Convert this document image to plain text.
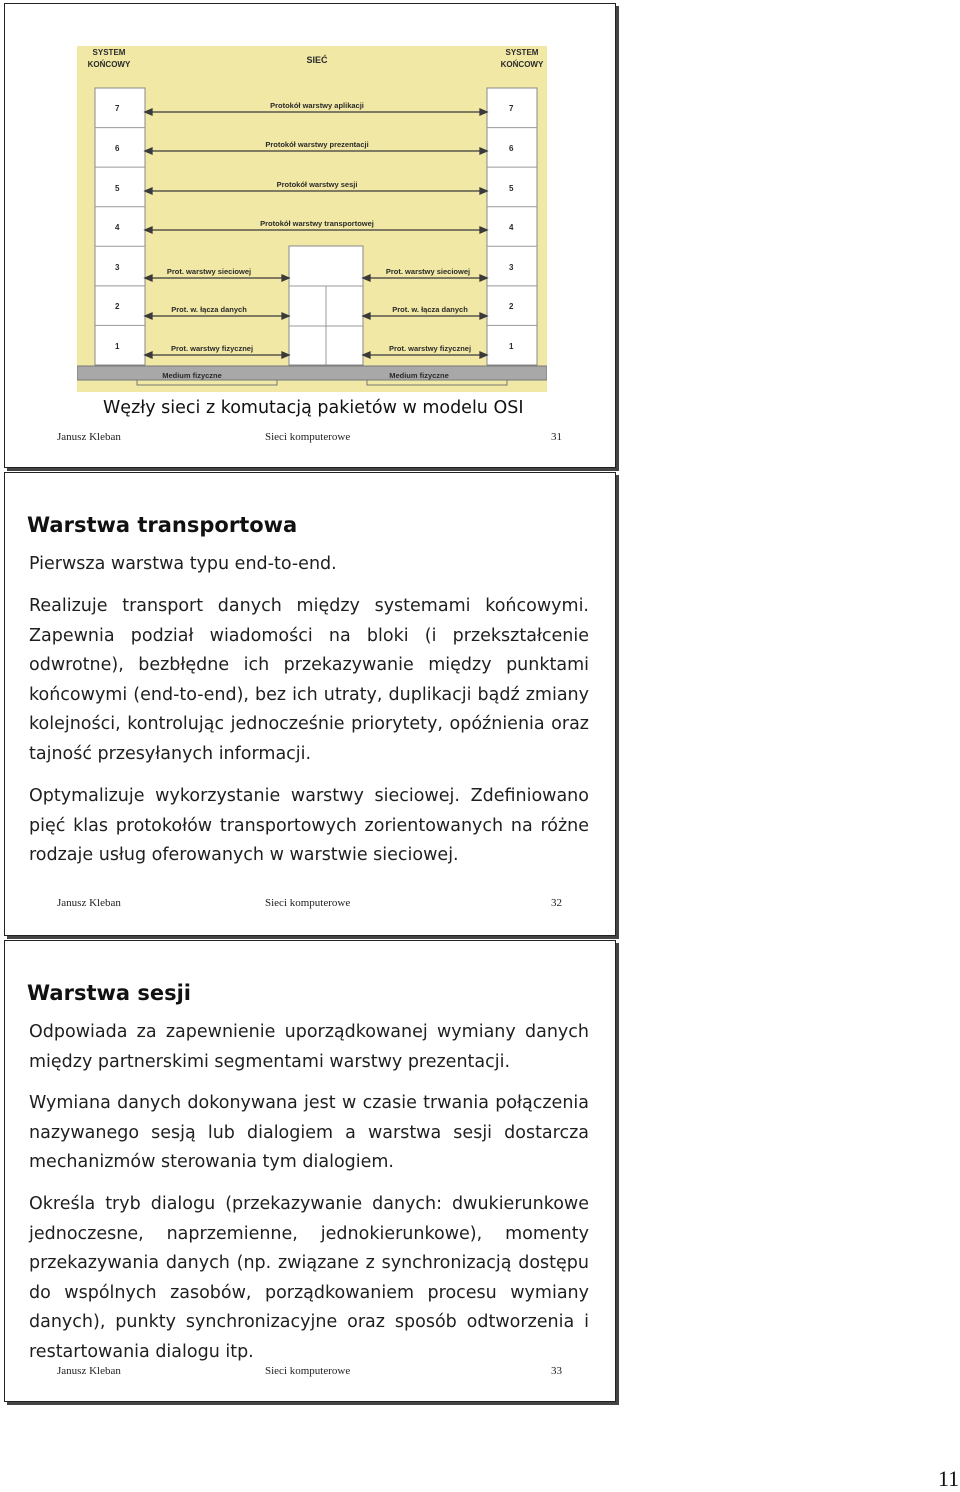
SYSTEM
KOŃCOWY	SIEĆ
SYSTEM
KOŃCOWY
7
6
5
4
3
2
1
7
6
5
4
3
2
1
Protokół warstwy aplikacji
Protokół warstwy prezentacji
Protokół warstwy sesji
Protokół warstwy transportowej
Prot. warstwy sieciowej
Prot. w. łącza danych
Prot. warstwy fizycznej
Prot. warstwy sieciowej
Prot. w. łącza danych
Prot. warstwy fizycznej
Medium fizyczne	Medium fizyczne
Węzły sieci z komutacją pakietów w modelu OSI
Janusz Kleban	Sieci komputerowe	31
Warstwa transportowa

Pierwsza warstwa typu end-to-end.

Realizuje transport danych między systemami końcowymi. Zapewnia podział wiadomości na bloki (i przekształcenie odwrotne), bezbłędne ich przekazywanie między punktami końcowymi (end-to-end), bez ich utraty, duplikacji bądź zmiany kolejności, kontrolując jednocześnie priorytety, opóźnienia oraz tajność przesyłanych informacji.

Optymalizuje wykorzystanie warstwy sieciowej. Zdefiniowano pięć klas protokołów transportowych zorientowanych na różne rodzaje usług oferowanych w warstwie sieciowej.

Janusz Kleban	Sieci komputerowe	32
Warstwa sesji

Odpowiada za zapewnienie uporządkowanej wymiany danych między partnerskimi segmentami warstwy prezentacji.

Wymiana danych dokonywana jest w czasie trwania połączenia nazywanego sesją lub dialogiem a warstwa sesji dostarcza mechanizmów sterowania tym dialogiem.

Określa tryb dialogu (przekazywanie danych: dwukierunkowe jednoczesne, naprzemienne, jednokierunkowe), momenty przekazywania danych (np. związane z synchronizacją dostępu do wspólnych zasobów, porządkowaniem procesu wymiany danych), punkty synchronizacyjne oraz sposób odtworzenia i restartowania dialogu itp.

Janusz Kleban	Sieci komputerowe	33
11
